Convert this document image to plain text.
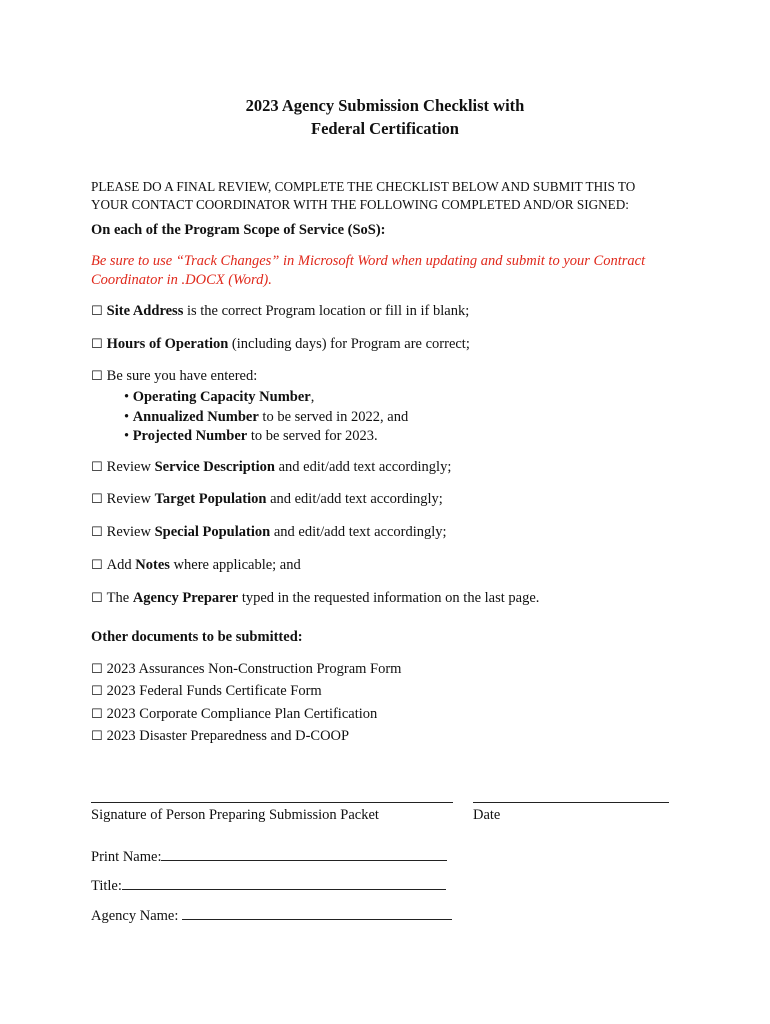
2023 Agency Submission Checklist with
Federal Certification
PLEASE DO A FINAL REVIEW, COMPLETE THE CHECKLIST BELOW AND SUBMIT THIS TO
YOUR CONTACT COORDINATOR WITH THE FOLLOWING COMPLETED AND/OR SIGNED:
On each of the Program Scope of Service (SoS):
Be sure to use “Track Changes” in Microsoft Word when updating and submit to your Contract
Coordinator in .DOCX (Word).
☐ Site Address is the correct Program location or fill in if blank;
☐ Hours of Operation (including days) for Program are correct;
☐ Be sure you have entered:
• Operating Capacity Number,
• Annualized Number to be served in 2022, and
• Projected Number to be served for 2023.
☐ Review Service Description and edit/add text accordingly;
☐ Review Target Population and edit/add text accordingly;
☐ Review Special Population and edit/add text accordingly;
☐ Add Notes where applicable; and
☐ The Agency Preparer typed in the requested information on the last page.
Other documents to be submitted:
☐ 2023 Assurances Non-Construction Program Form
☐ 2023 Federal Funds Certificate Form
☐ 2023 Corporate Compliance Plan Certification
☐ 2023 Disaster Preparedness and D-COOP
Signature of Person Preparing Submission Packet	Date
Print Name:
Title:
Agency Name:
